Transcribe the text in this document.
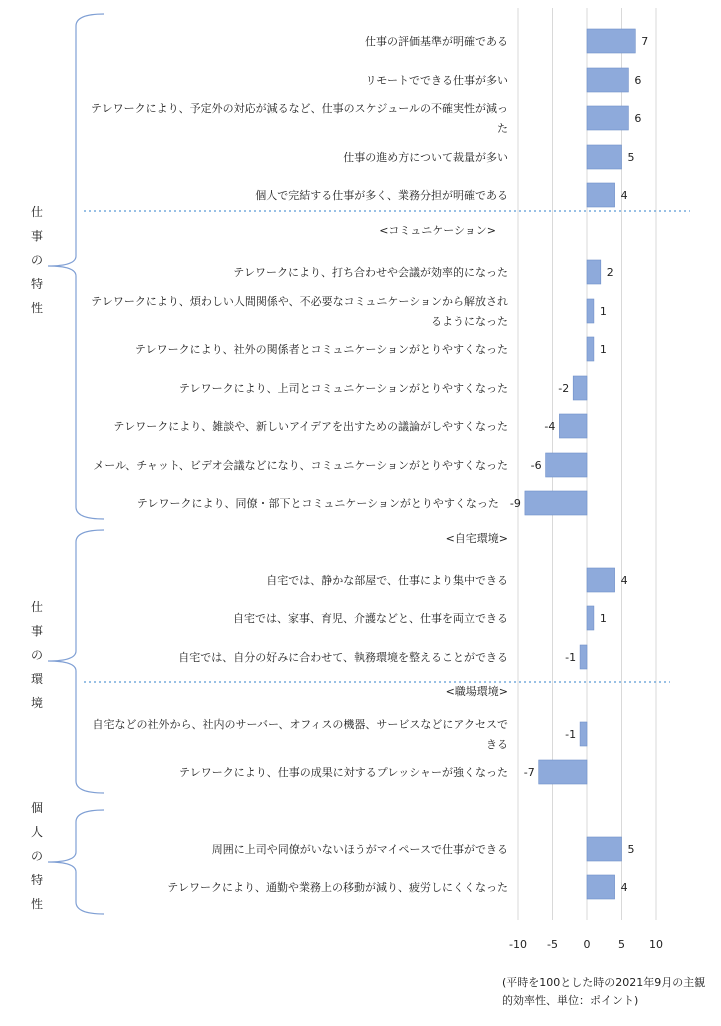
<コミュニケーション>
<自宅環境>
<職場環境>
仕事の特性
仕事の環境
個人の特性
7
仕事の評価基準が明確である
6
リモートでできる仕事が多い
6
テレワークにより、予定外の対応が減るなど、仕事のスケジュールの不確実性が減った
5
仕事の進め方について裁量が多い
4
個人で完結する仕事が多く、業務分担が明確である
2
テレワークにより、打ち合わせや会議が効率的になった
1
テレワークにより、煩わしい人間関係や、不必要なコミュニケーションから解放されるようになった
1
テレワークにより、社外の関係者とコミュニケーションがとりやすくなった
-2
テレワークにより、上司とコミュニケーションがとりやすくなった
-4
テレワークにより、雑談や、新しいアイデアを出すための議論がしやすくなった
-6
メール、チャット、ビデオ会議などになり、コミュニケーションがとりやすくなった
-9
テレワークにより、同僚・部下とコミュニケーションがとりやすくなった
4
自宅では、静かな部屋で、仕事により集中できる
1
自宅では、家事、育児、介護などと、仕事を両立できる
-1
自宅では、自分の好みに合わせて、執務環境を整えることができる
-1
自宅などの社外から、社内のサーバー、オフィスの機器、サービスなどにアクセスできる
-7
テレワークにより、仕事の成果に対するプレッシャーが強くなった
5
周囲に上司や同僚がいないほうがマイペースで仕事ができる
4
テレワークにより、通勤や業務上の移動が減り、疲労しにくくなった
-10 -5 0	5 10
(平時を100とした時の2021年9月の主観
的効率性、単位：ポイント)
